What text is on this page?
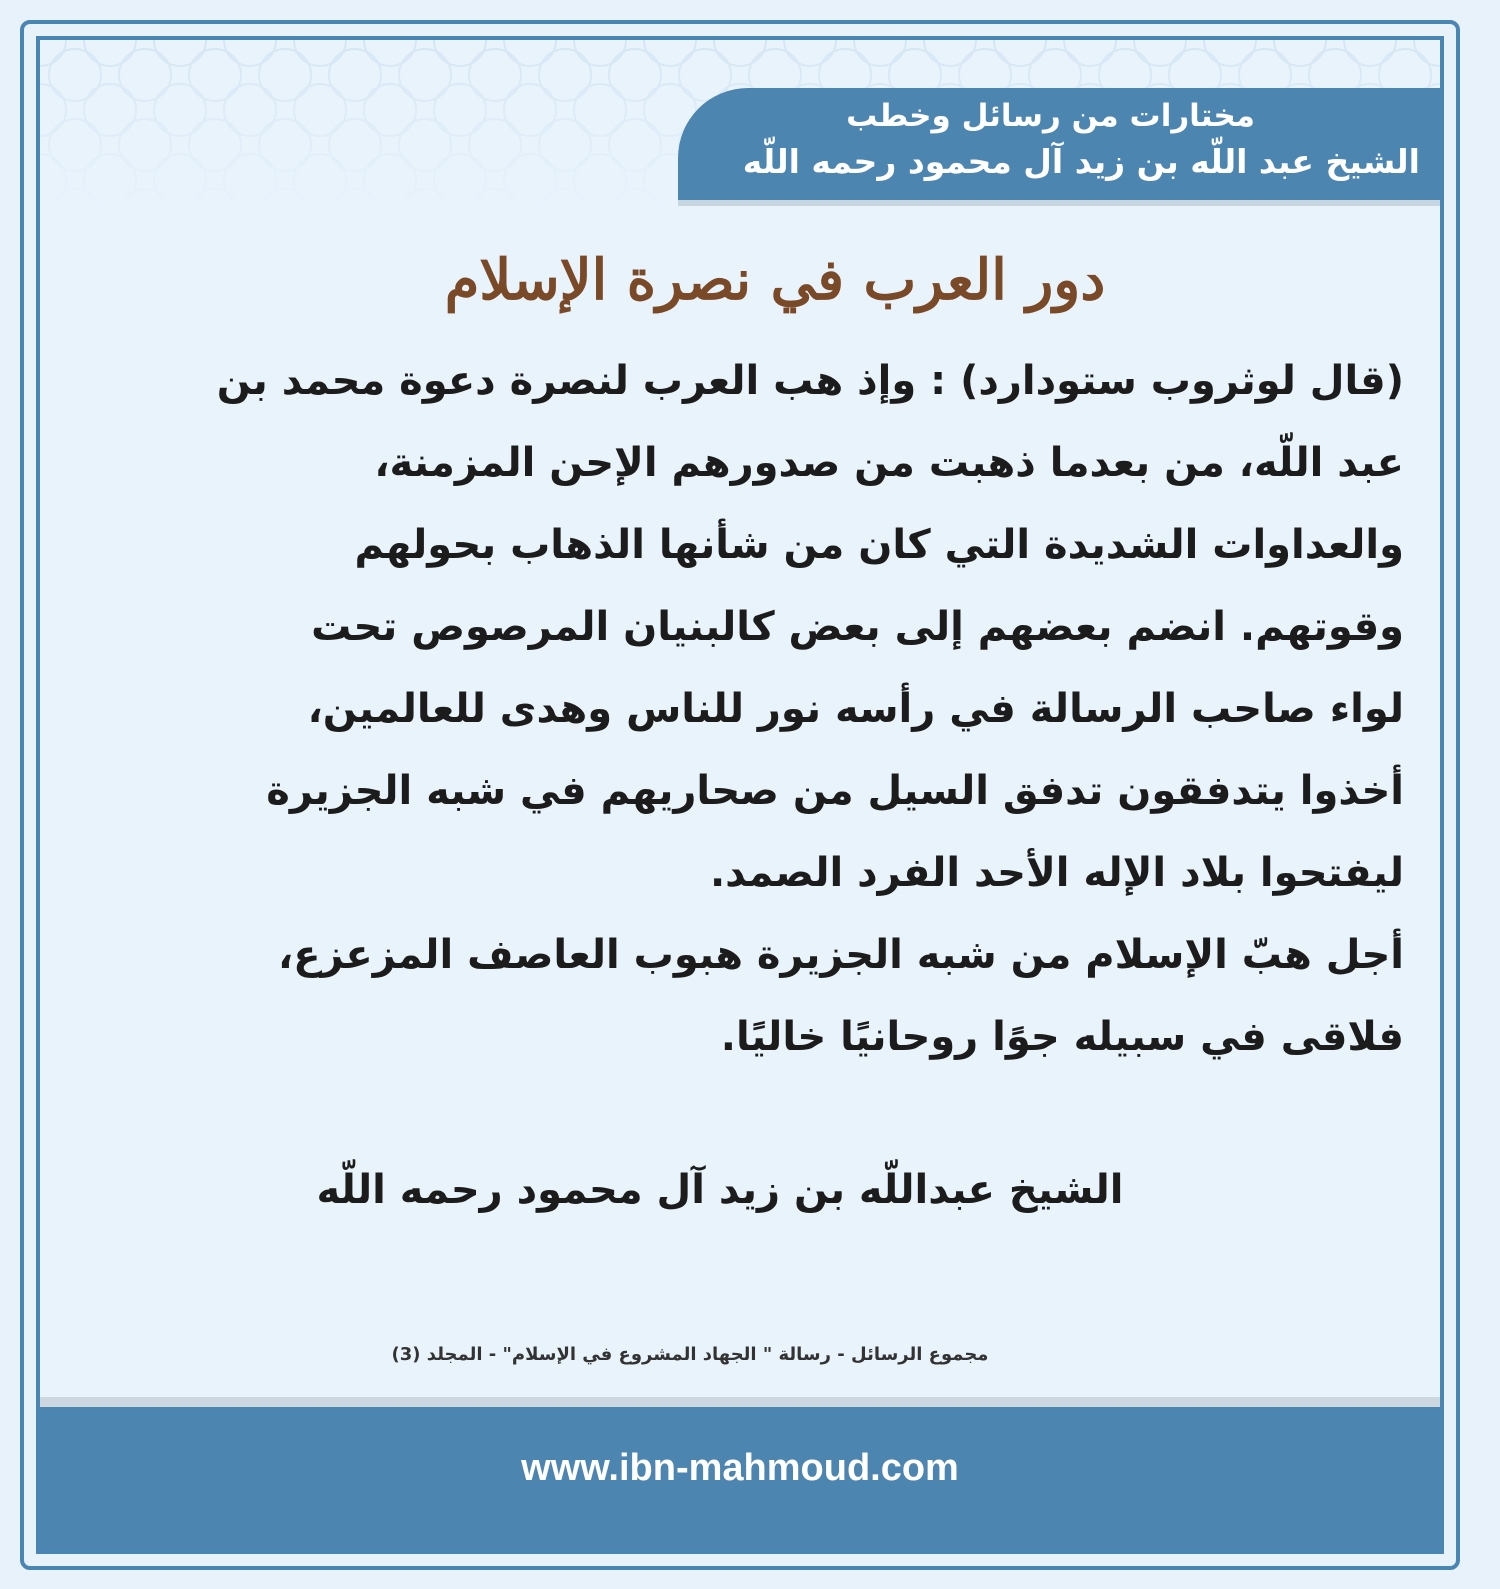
مختارات من رسائل وخطب
الشيخ عبد اللّه بن زيد آل محمود رحمه اللّه
دور العرب في نصرة الإسلام
(قال لوثروب ستودارد) : وإذ هب العرب لنصرة دعوة محمد بن
عبد اللّه، من بعدما ذهبت من صدورهم الإحن المزمنة،
والعداوات الشديدة التي كان من شأنها الذهاب بحولهم
وقوتهم. انضم بعضهم إلى بعض كالبنيان المرصوص تحت
لواء صاحب الرسالة في رأسه نور للناس وهدى للعالمين،
أخذوا يتدفقون تدفق السيل من صحاريهم في شبه الجزيرة
ليفتحوا بلاد الإله الأحد الفرد الصمد.
أجل هبّ الإسلام من شبه الجزيرة هبوب العاصف المزعزع،
فلاقى في سبيله جوًا روحانيًا خاليًا.
الشيخ عبداللّه بن زيد آل محمود رحمه اللّه
مجموع الرسائل - رسالة " الجهاد المشروع في الإسلام" - المجلد (3)
www.ibn-mahmoud.com
